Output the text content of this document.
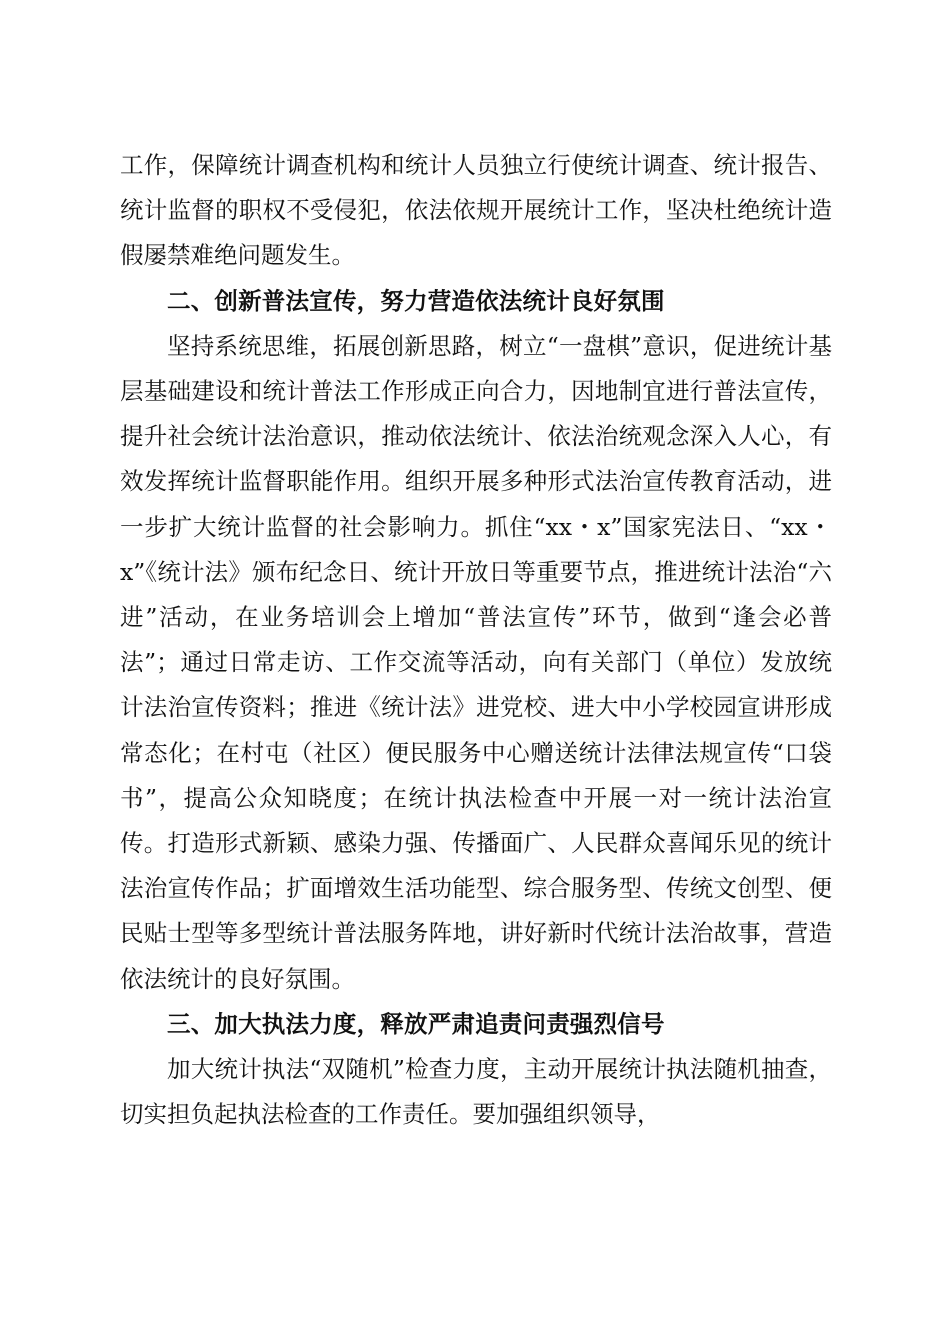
工作，保障统计调查机构和统计人员独立行使统计调查、统计报告、统计监督的职权不受侵犯，依法依规开展统计工作，坚决杜绝统计造假屡禁难绝问题发生。

二、创新普法宣传，努力营造依法统计良好氛围

坚持系统思维，拓展创新思路，树立“一盘棋”意识，促进统计基层基础建设和统计普法工作形成正向合力，因地制宜进行普法宣传，提升社会统计法治意识，推动依法统计、依法治统观念深入人心，有效发挥统计监督职能作用。组织开展多种形式法治宣传教育活动，进一步扩大统计监督的社会影响力。抓住“xx・x”国家宪法日、“xx・x”《统计法》颁布纪念日、统计开放日等重要节点，推进统计法治“六进”活动，在业务培训会上增加“普法宣传”环节，做到“逢会必普法”；通过日常走访、工作交流等活动，向有关部门（单位）发放统计法治宣传资料；推进《统计法》进党校、进大中小学校园宣讲形成常态化；在村屯（社区）便民服务中心赠送统计法律法规宣传“口袋书”，提高公众知晓度；在统计执法检查中开展一对一统计法治宣传。打造形式新颖、感染力强、传播面广、人民群众喜闻乐见的统计法治宣传作品；扩面增效生活功能型、综合服务型、传统文创型、便民贴士型等多型统计普法服务阵地，讲好新时代统计法治故事，营造依法统计的良好氛围。

三、加大执法力度，释放严肃追责问责强烈信号

加大统计执法“双随机”检查力度，主动开展统计执法随机抽查，切实担负起执法检查的工作责任。要加强组织领导，
